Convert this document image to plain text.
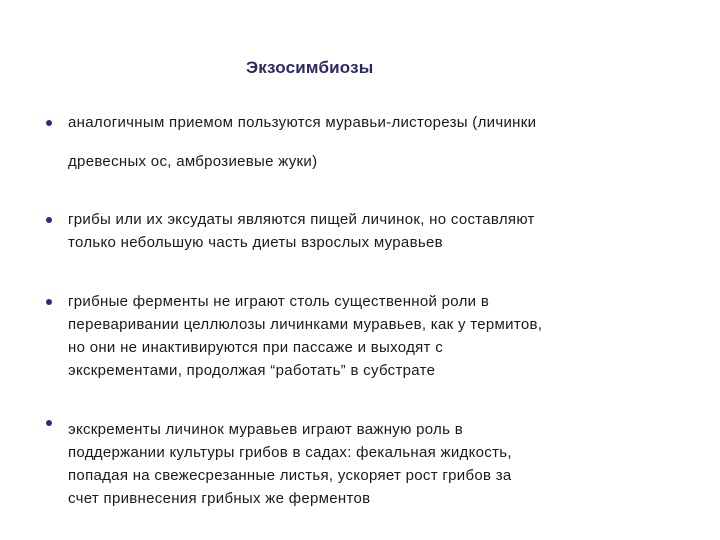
Экзосимбиозы
аналогичным приемом пользуются муравьи-листорезы (личинки
древесных ос, амброзиевые жуки)
грибы или их эксудаты являются пищей личинок, но составляют
только небольшую часть диеты взрослых муравьев
грибные ферменты не играют столь существенной роли в
переваривании целлюлозы личинками муравьев, как у термитов,
но они не инактивируются при пассаже и выходят с
экскрементами, продолжая “работать” в субстрате
экскременты личинок муравьев играют важную роль в
поддержании культуры грибов в садах: фекальная жидкость,
попадая на свежесрезанные листья, ускоряет рост грибов за
счет привнесения грибных же ферментов
